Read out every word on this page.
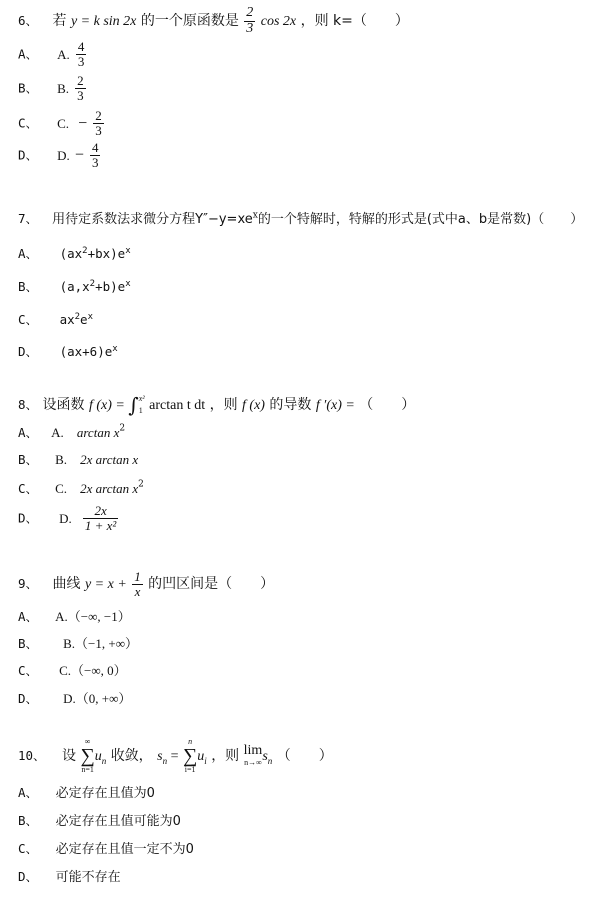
6、 若 y = k sin 2x 的一个原函数是 $\frac{2}{3}$ cos 2x ，则 k=（　　）
A、 A. $\frac{4}{3}$
B、 B. $\frac{2}{3}$
C、 C. − $\frac{2}{3}$
D、 D. − $\frac{4}{3}$
7、 用待定系数法求微分方程$Y''-y=xe^x$的一个特解时，特解的形式是(式中a、b是常数)（　　）
A、 $(ax^2+bx)e^x$
B、 $(a,x^2+b)e^x$
C、 $ax^2e^x$
D、 $(ax+6)e^x$
8、 设函数 f (x) = ∫ x²
1 arctan t dt ，则 f (x) 的导数 f ′(x) = （　　）
A、 A. $\arctan x^2$
B、 B. 2x arctan x
C、 C. 2x $\arctan x^2$
D、 D. $\frac{2x}{\text{1 + x²}}$
9、 曲线 $y = x + \frac{1}{x}$ 的凹区间是（　　）
A、 A.（−∞, −1）
B、 B.（−1, +∞）
C、 C.（−∞, 0）
D、 D.（0, +∞）
10、 设
∞
∑
n=1
$u_n$ 收敛， $s_n$ =
n
∑
i=1
$u_i$ ，则 lim
n→∞ $s_n$ （　　）
A、 必定存在且值为0
B、 必定存在且值可能为0
C、 必定存在且值一定不为0
D、 可能不存在
